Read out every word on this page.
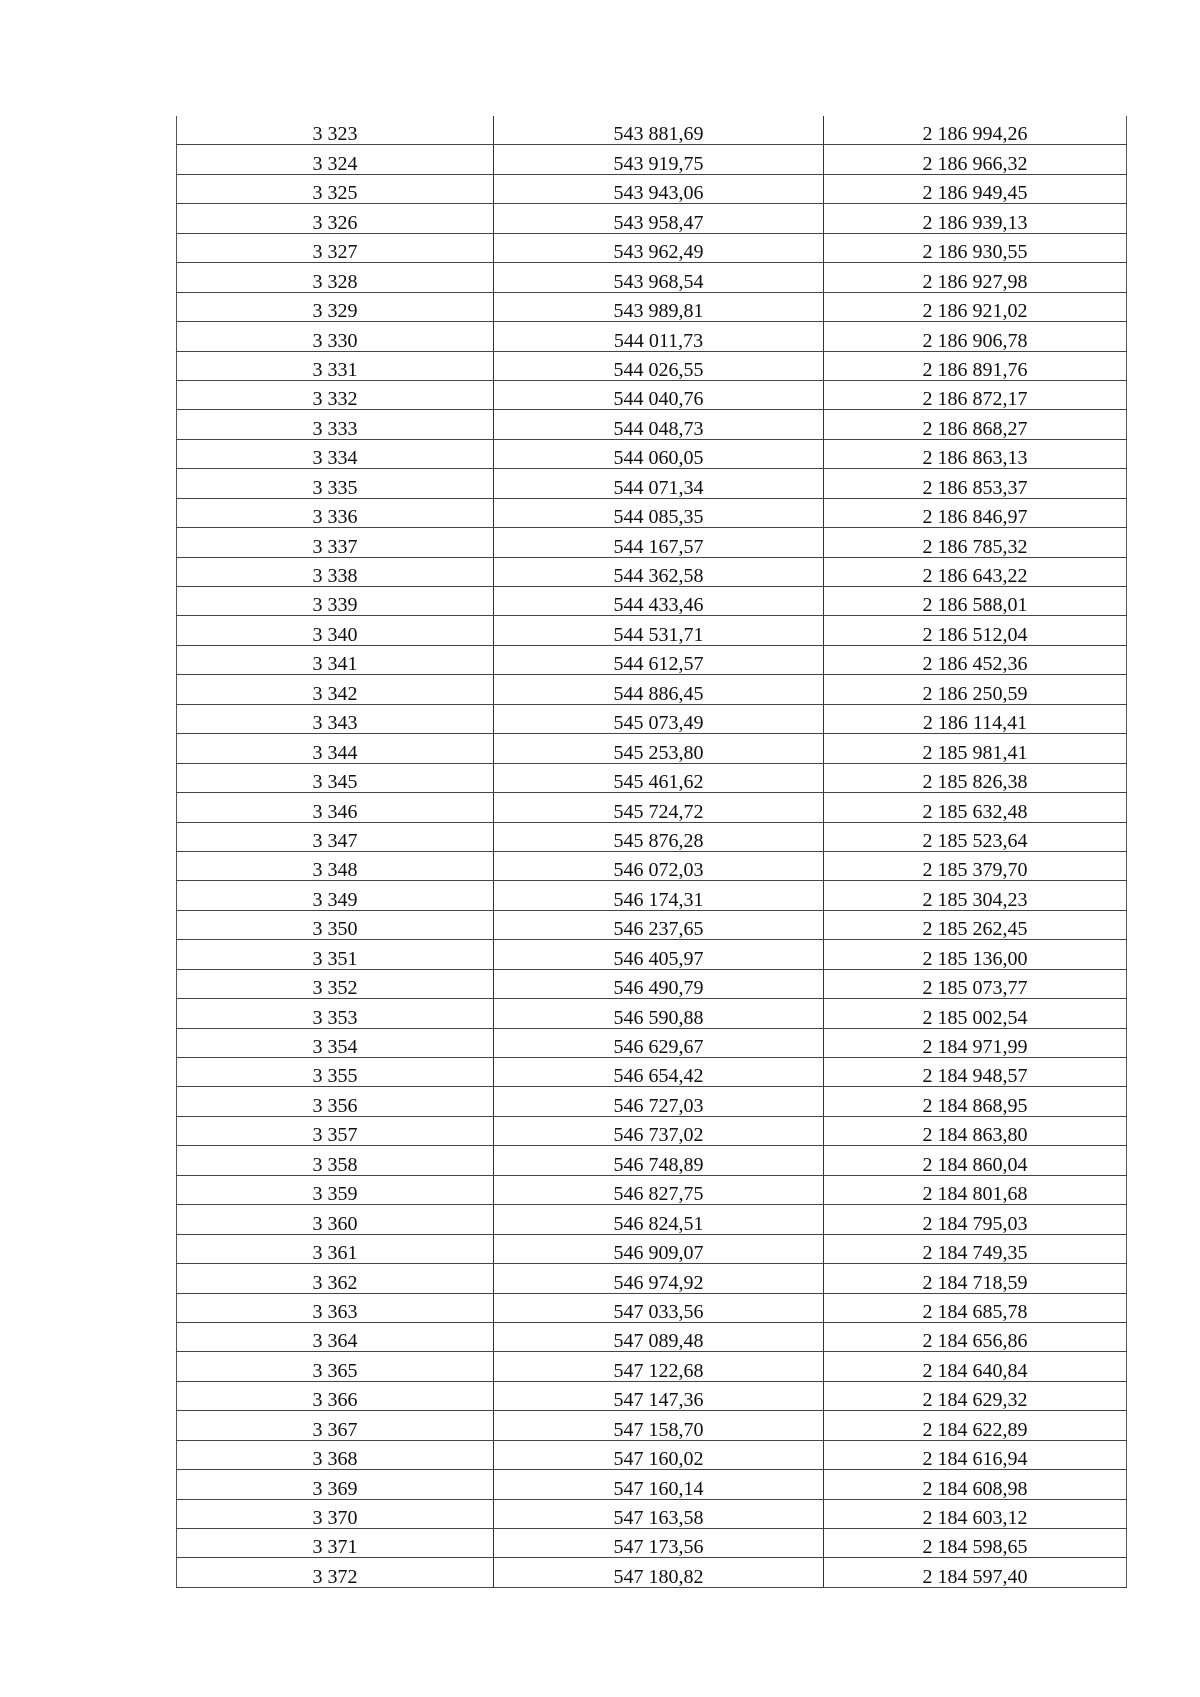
3 323	543 881,69	2 186 994,26
3 324	543 919,75	2 186 966,32
3 325	543 943,06	2 186 949,45
3 326	543 958,47	2 186 939,13
3 327	543 962,49	2 186 930,55
3 328	543 968,54	2 186 927,98
3 329	543 989,81	2 186 921,02
3 330	544 011,73	2 186 906,78
3 331	544 026,55	2 186 891,76
3 332	544 040,76	2 186 872,17
3 333	544 048,73	2 186 868,27
3 334	544 060,05	2 186 863,13
3 335	544 071,34	2 186 853,37
3 336	544 085,35	2 186 846,97
3 337	544 167,57	2 186 785,32
3 338	544 362,58	2 186 643,22
3 339	544 433,46	2 186 588,01
3 340	544 531,71	2 186 512,04
3 341	544 612,57	2 186 452,36
3 342	544 886,45	2 186 250,59
3 343	545 073,49	2 186 114,41
3 344	545 253,80	2 185 981,41
3 345	545 461,62	2 185 826,38
3 346	545 724,72	2 185 632,48
3 347	545 876,28	2 185 523,64
3 348	546 072,03	2 185 379,70
3 349	546 174,31	2 185 304,23
3 350	546 237,65	2 185 262,45
3 351	546 405,97	2 185 136,00
3 352	546 490,79	2 185 073,77
3 353	546 590,88	2 185 002,54
3 354	546 629,67	2 184 971,99
3 355	546 654,42	2 184 948,57
3 356	546 727,03	2 184 868,95
3 357	546 737,02	2 184 863,80
3 358	546 748,89	2 184 860,04
3 359	546 827,75	2 184 801,68
3 360	546 824,51	2 184 795,03
3 361	546 909,07	2 184 749,35
3 362	546 974,92	2 184 718,59
3 363	547 033,56	2 184 685,78
3 364	547 089,48	2 184 656,86
3 365	547 122,68	2 184 640,84
3 366	547 147,36	2 184 629,32
3 367	547 158,70	2 184 622,89
3 368	547 160,02	2 184 616,94
3 369	547 160,14	2 184 608,98
3 370	547 163,58	2 184 603,12
3 371	547 173,56	2 184 598,65
3 372	547 180,82	2 184 597,40
